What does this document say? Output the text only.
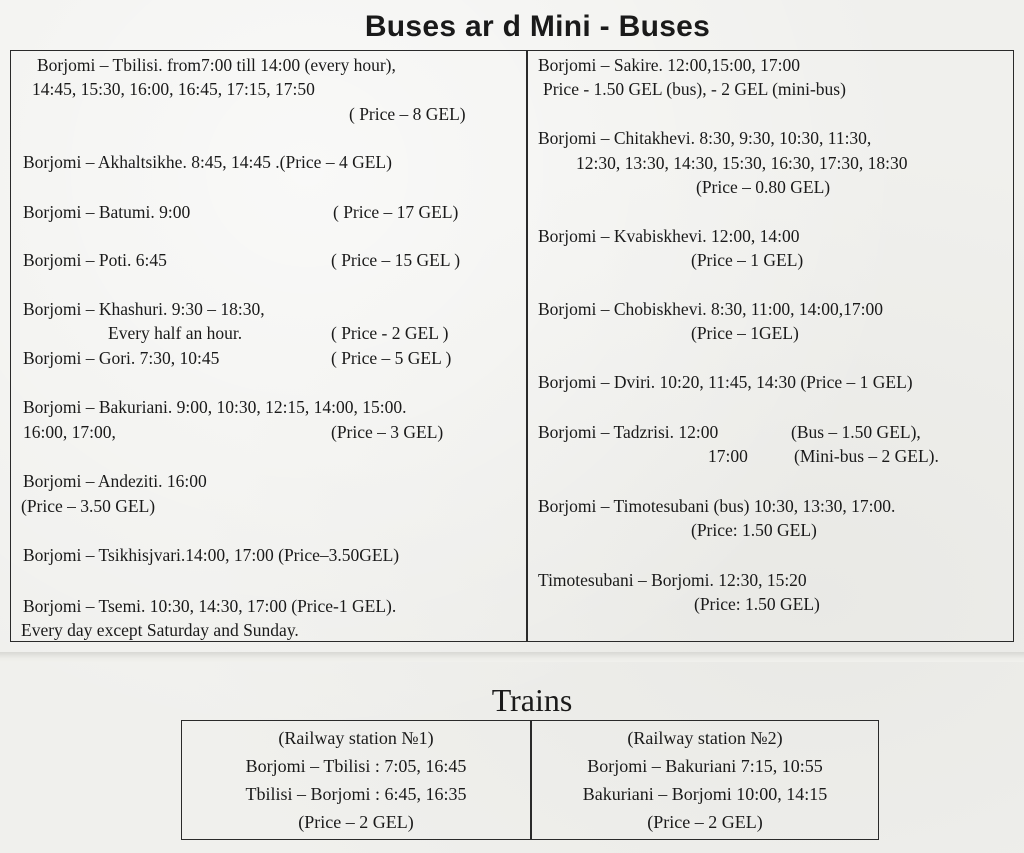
Buses ar d Mini - Buses
Borjomi – Tbilisi. from7:00 till 14:00 (every hour),
14:45, 15:30, 16:00, 16:45, 17:15, 17:50
( Price – 8 GEL)
Borjomi – Akhaltsikhe. 8:45, 14:45 .(Price – 4 GEL)
Borjomi – Batumi. 9:00	( Price – 17 GEL)
Borjomi – Poti. 6:45	( Price – 15 GEL )
Borjomi – Khashuri. 9:30 – 18:30,
Every half an hour.	( Price - 2 GEL )
Borjomi – Gori. 7:30, 10:45	( Price – 5 GEL )
Borjomi – Bakuriani. 9:00, 10:30, 12:15, 14:00, 15:00.
16:00, 17:00,	(Price – 3 GEL)
Borjomi – Andeziti. 16:00
(Price – 3.50 GEL)
Borjomi – Tsikhisjvari.14:00, 17:00 (Price–3.50GEL)
Borjomi – Tsemi. 10:30, 14:30, 17:00 (Price-1 GEL).
Every day except Saturday and Sunday.
Borjomi – Sakire. 12:00,15:00, 17:00
Price - 1.50 GEL (bus), - 2 GEL (mini-bus)
Borjomi – Chitakhevi. 8:30, 9:30, 10:30, 11:30,
12:30, 13:30, 14:30, 15:30, 16:30, 17:30, 18:30
(Price – 0.80 GEL)
Borjomi – Kvabiskhevi. 12:00, 14:00
(Price – 1 GEL)
Borjomi – Chobiskhevi. 8:30, 11:00, 14:00,17:00
(Price – 1GEL)
Borjomi – Dviri. 10:20, 11:45, 14:30 (Price – 1 GEL)
Borjomi – Tadzrisi. 12:00	(Bus – 1.50 GEL),
17:00	(Mini-bus – 2 GEL).
Borjomi – Timotesubani (bus) 10:30, 13:30, 17:00.
(Price: 1.50 GEL)
Timotesubani – Borjomi. 12:30, 15:20
(Price: 1.50 GEL)
Trains
(Railway station №1)
Borjomi – Tbilisi : 7:05, 16:45
Tbilisi – Borjomi : 6:45, 16:35
(Price – 2 GEL)
(Railway station №2)
Borjomi – Bakuriani 7:15, 10:55
Bakuriani – Borjomi 10:00, 14:15
(Price – 2 GEL)
